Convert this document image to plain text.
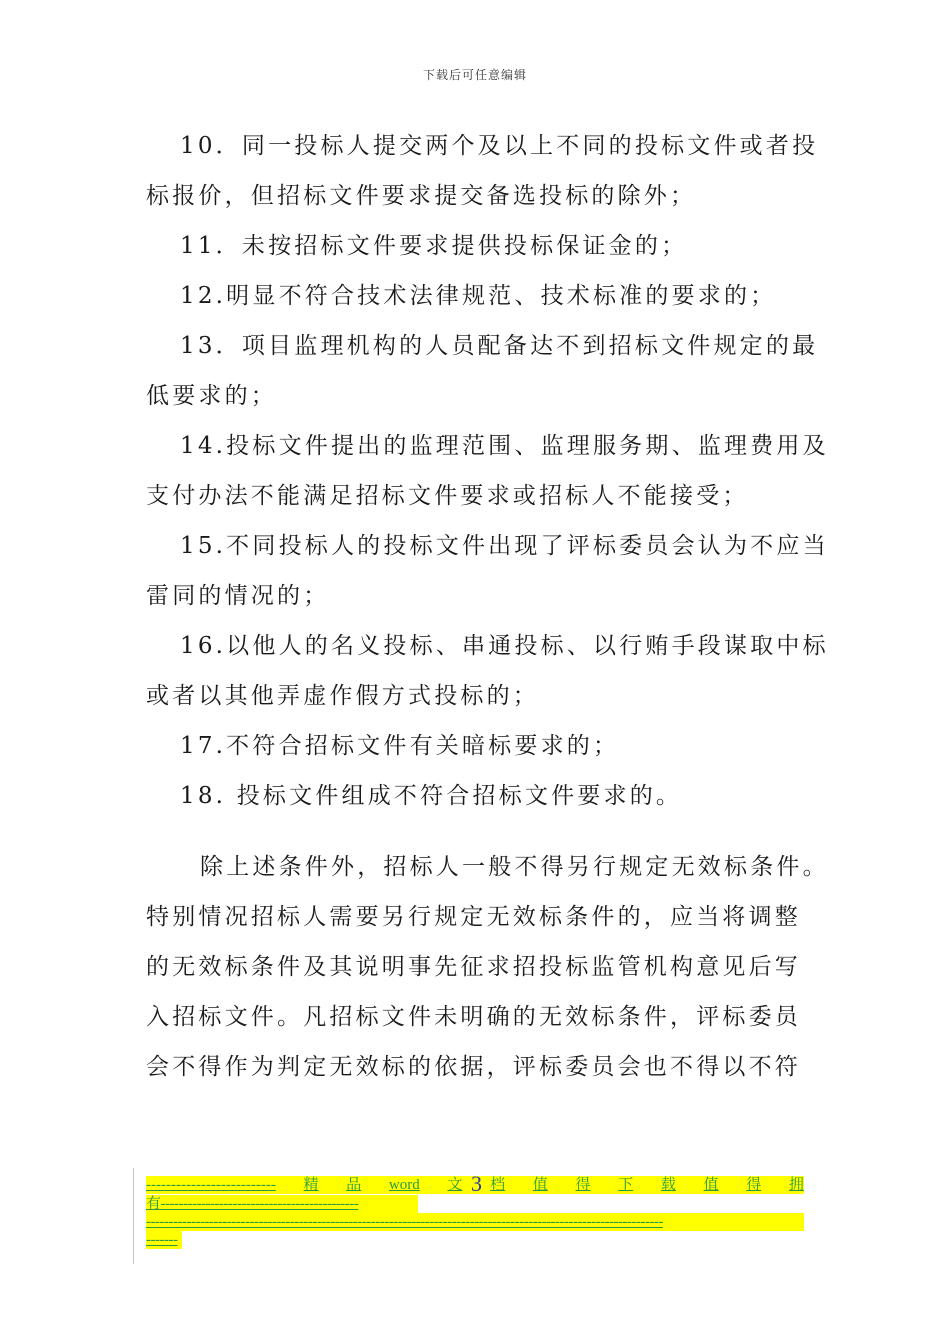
下载后可任意编辑
10．同一投标人提交两个及以上不同的投标文件或者投
标报价，但招标文件要求提交备选投标的除外；
11．未按招标文件要求提供投标保证金的；
12.明显不符合技术法律规范、技术标准的要求的；
13．项目监理机构的人员配备达不到招标文件规定的最
低要求的；
14.投标文件提出的监理范围、监理服务期、监理费用及
支付办法不能满足招标文件要求或招标人不能接受；
15.不同投标人的投标文件出现了评标委员会认为不应当
雷同的情况的；
16.以他人的名义投标、串通投标、以行贿手段谋取中标
或者以其他弄虚作假方式投标的；
17.不符合招标文件有关暗标要求的；
18. 投标文件组成不符合招标文件要求的。
除上述条件外，招标人一般不得另行规定无效标条件。
特别情况招标人需要另行规定无效标条件的，应当将调整
的无效标条件及其说明事先征求招投标监管机构意见后写
入招标文件。凡招标文件未明确的无效标条件，评标委员
会不得作为判定无效标的依据，评标委员会也不得以不符
-------------------------- 精 品 word 文 档 值 得 下 载 值 得 拥
有--------------------------------------------
-------------------------------------------------------------------------------------------------------------------
-------
3
